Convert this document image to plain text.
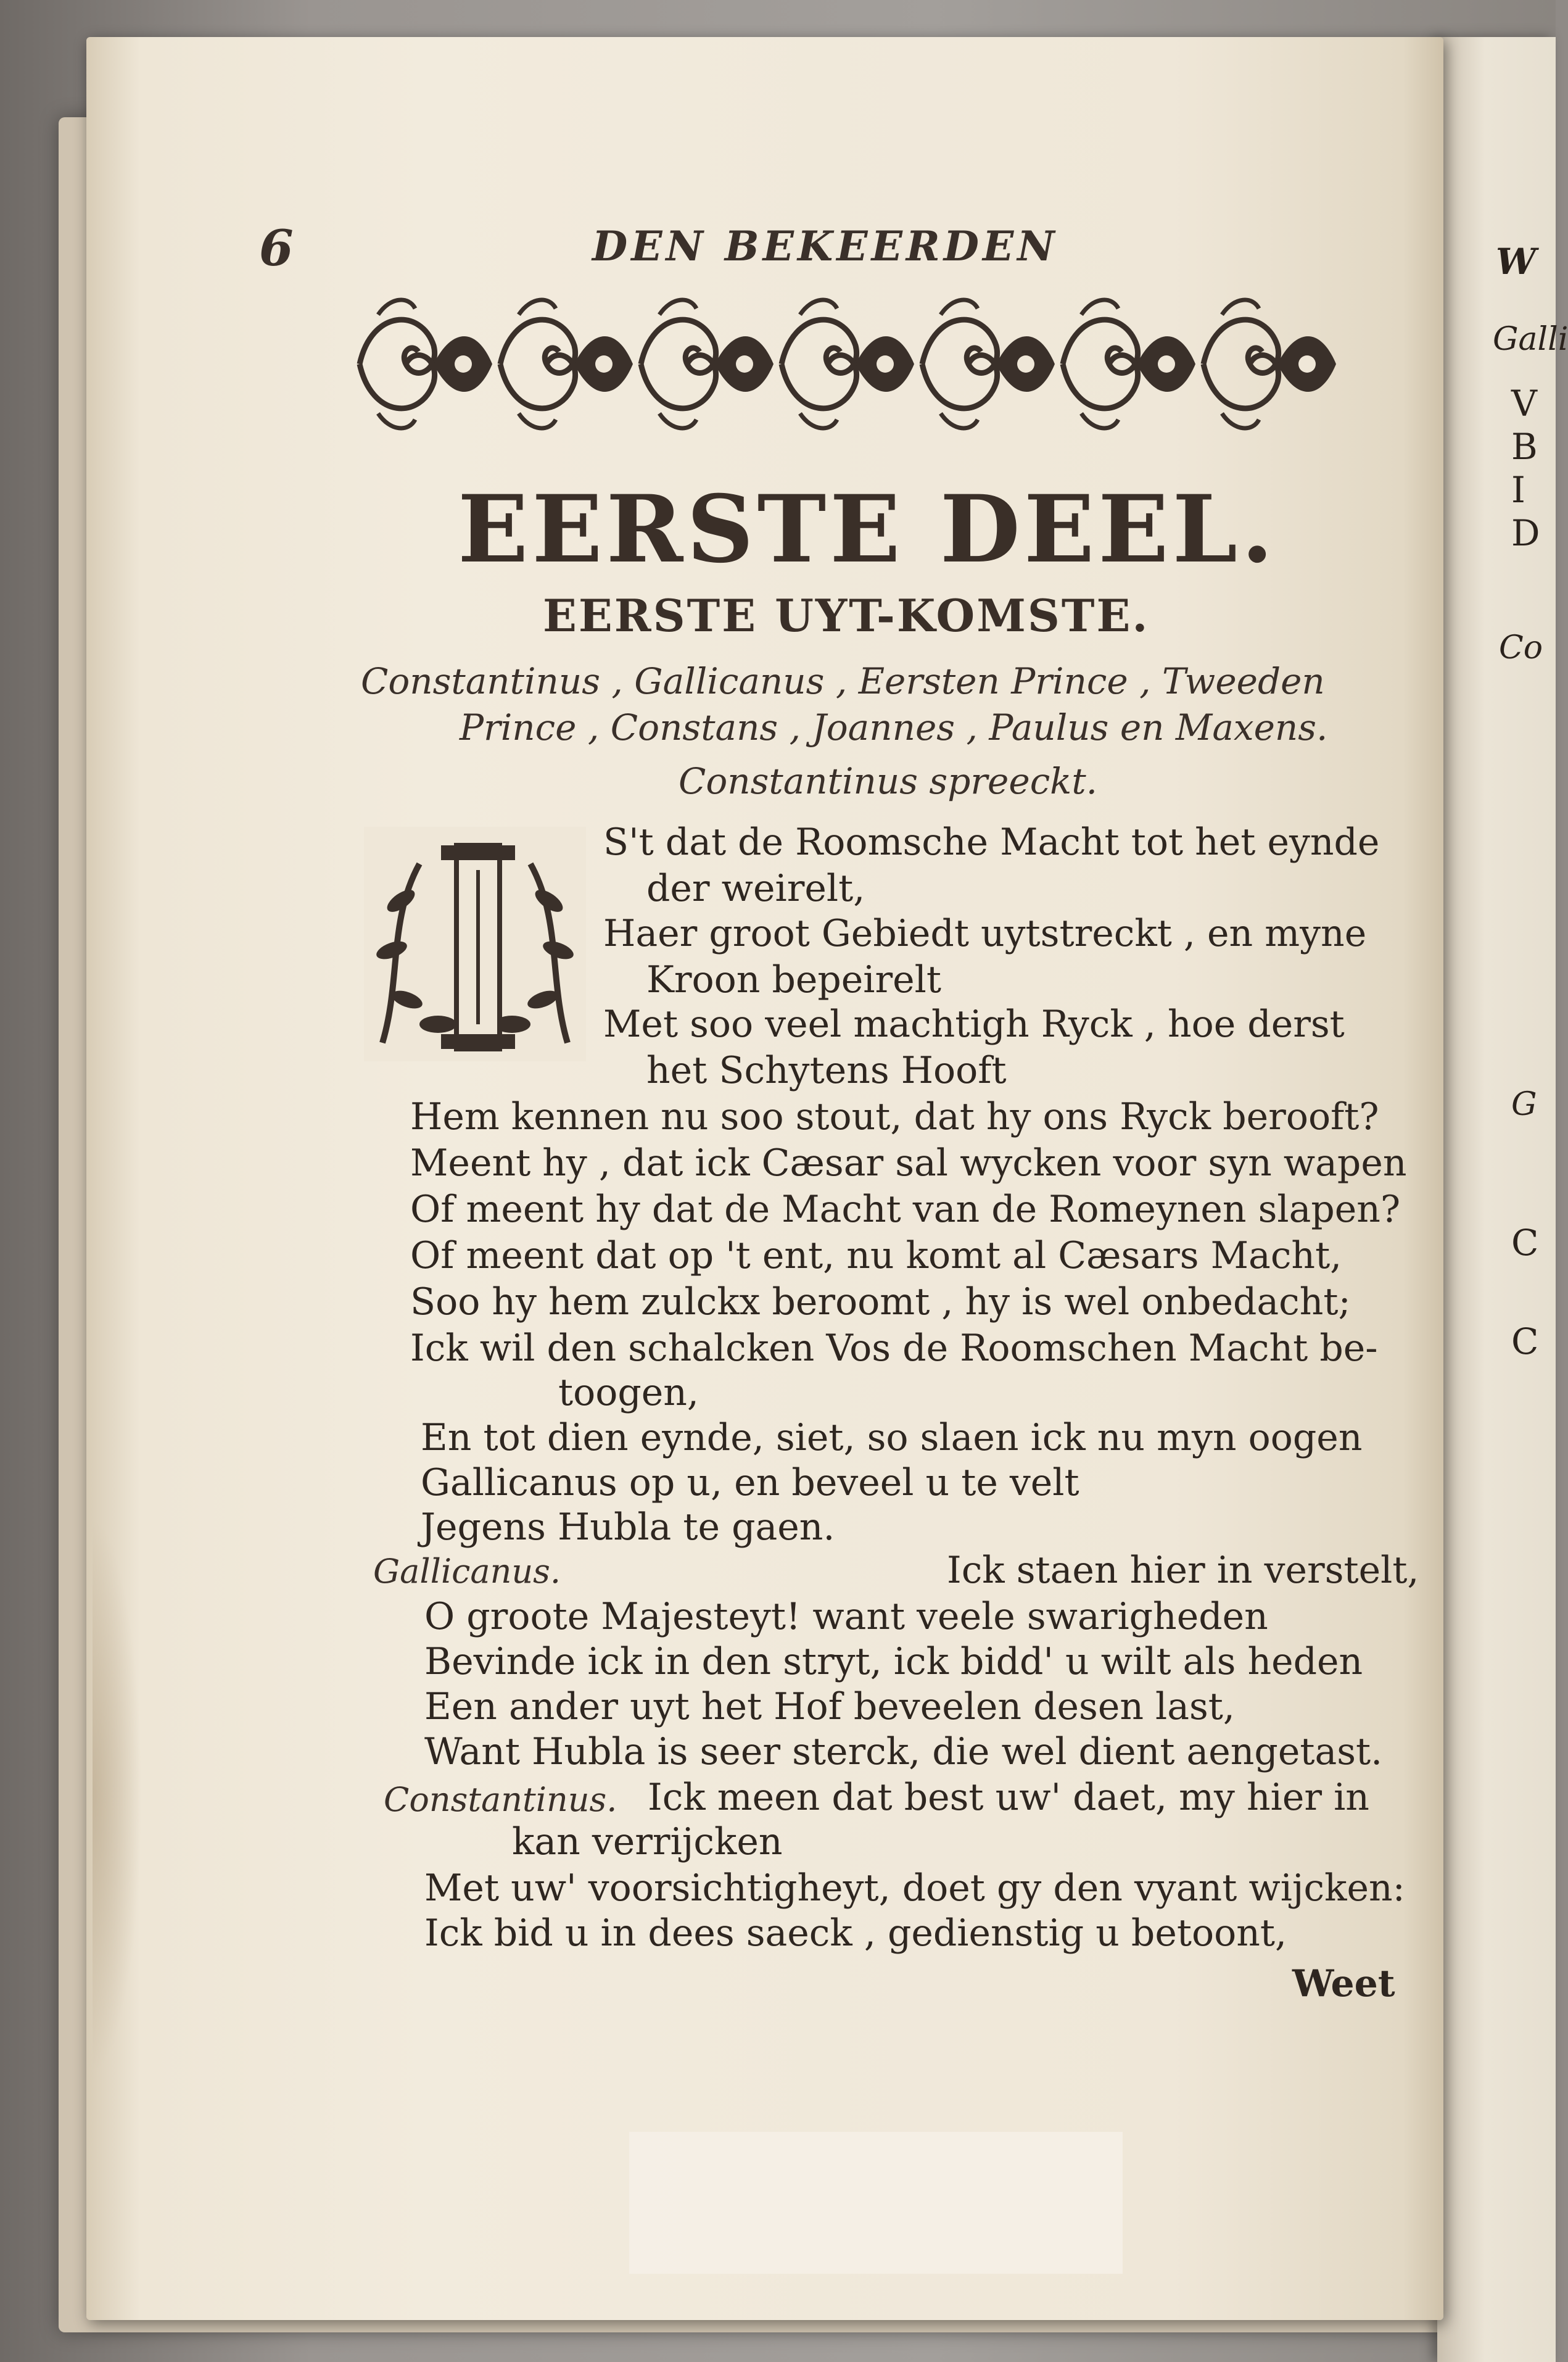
W
Galli
V
B
I
D
Co
G
C
C
6	DEN BEKEERDEN
EERSTE DEEL.
EERSTE UYT-KOMSTE.
Constantinus , Gallicanus , Eersten Prince , Tweeden
Prince , Constans , Joannes , Paulus en Maxens.
Constantinus spreeckt.
S't dat de Roomsche Macht tot het eynde
der weirelt,
Haer groot Gebiedt uytstreckt , en myne
Kroon bepeirelt
Met soo veel machtigh Ryck , hoe derst
het Schytens Hooft
Hem kennen nu soo stout, dat hy ons Ryck berooft?
Meent hy , dat ick Cæsar sal wycken voor syn wapen
Of meent hy dat de Macht van de Romeynen slapen?
Of meent dat op 't ent, nu komt al Cæsars Macht,
Soo hy hem zulckx beroomt , hy is wel onbedacht;
Ick wil den schalcken Vos de Roomschen Macht be-
toogen,
En tot dien eynde, siet, so slaen ick nu myn oogen
Gallicanus op u, en beveel u te velt
Jegens Hubla te gaen.
Gallicanus.	Ick staen hier in verstelt,
O groote Majesteyt! want veele swarigheden
Bevinde ick in den stryt, ick bidd' u wilt als heden
Een ander uyt het Hof beveelen desen last,
Want Hubla is seer sterck, die wel dient aengetast.
Constantinus. Ick meen dat best uw' daet, my hier in
kan verrijcken
Met uw' voorsichtigheyt, doet gy den vyant wijcken:
Ick bid u in dees saeck , gedienstig u betoont,
Weet
